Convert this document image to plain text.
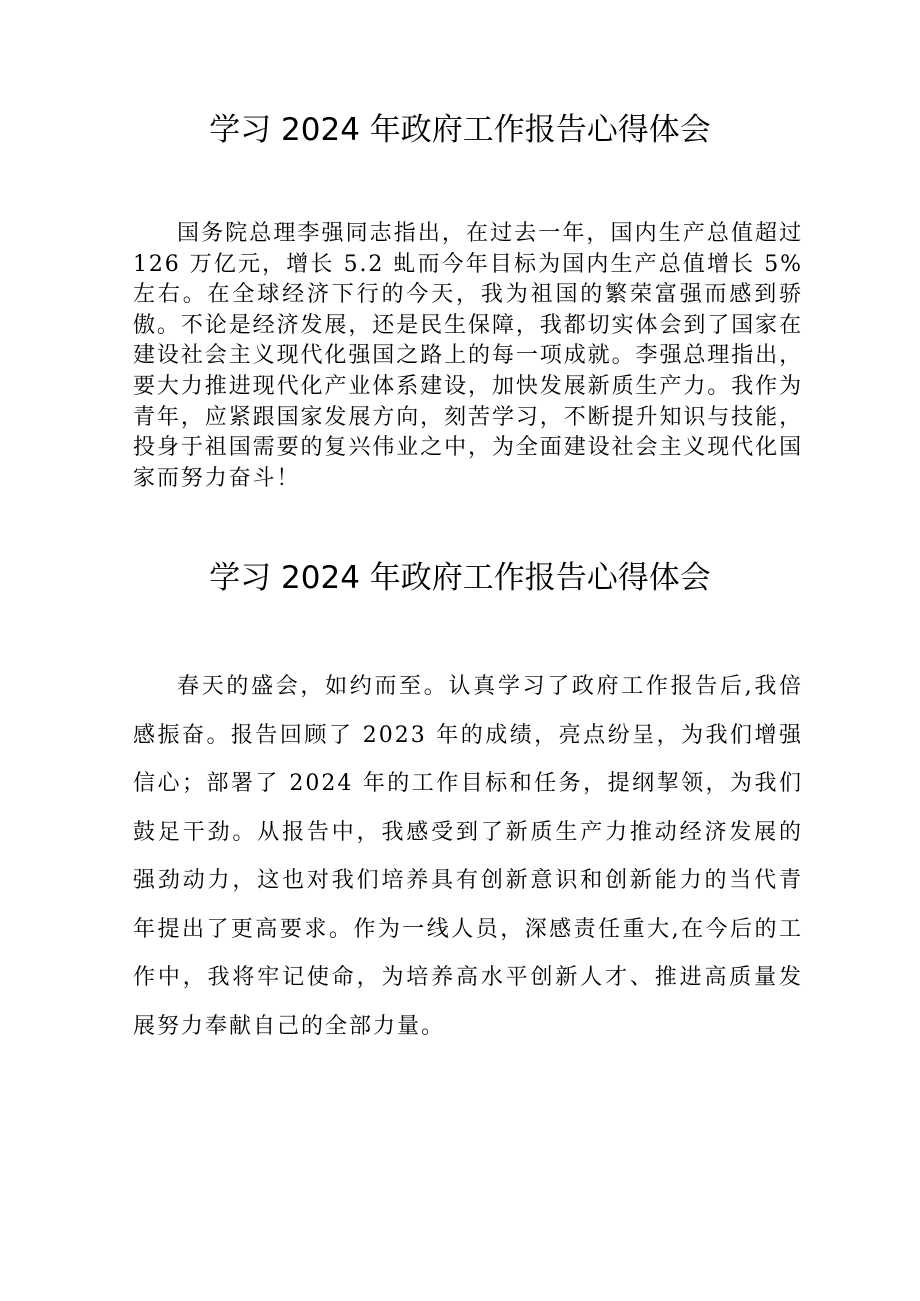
学习 2024 年政府工作报告心得体会

国务院总理李强同志指出，在过去一年，国内生产总值超过126 万亿元，增长 5.2 虬而今年目标为国内生产总值增长 5%左右。在全球经济下行的今天，我为祖国的繁荣富强而感到骄傲。不论是经济发展，还是民生保障，我都切实体会到了国家在建设社会主义现代化强国之路上的每一项成就。李强总理指出，要大力推进现代化产业体系建设，加快发展新质生产力。我作为青年，应紧跟国家发展方向，刻苦学习，不断提升知识与技能，投身于祖国需要的复兴伟业之中，为全面建设社会主义现代化国家而努力奋斗！

学习 2024 年政府工作报告心得体会

春天的盛会，如约而至。认真学习了政府工作报告后,我倍感振奋。报告回顾了 2023 年的成绩，亮点纷呈，为我们增强信心；部署了 2024 年的工作目标和任务，提纲挈领，为我们鼓足干劲。从报告中，我感受到了新质生产力推动经济发展的强劲动力，这也对我们培养具有创新意识和创新能力的当代青年提出了更高要求。作为一线人员，深感责任重大,在今后的工作中，我将牢记使命，为培养高水平创新人才、推进高质量发展努力奉献自己的全部力量。
